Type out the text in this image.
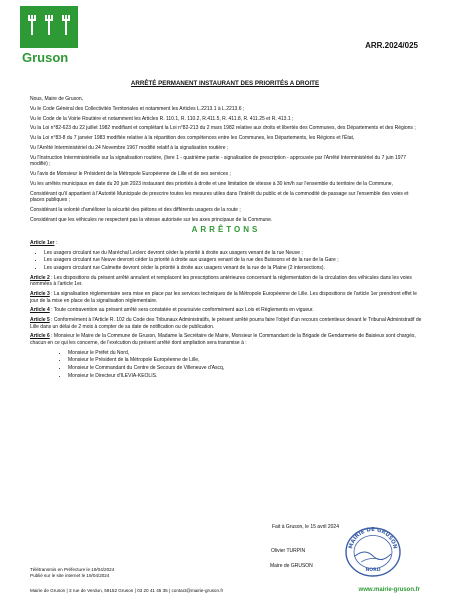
Gruson
ARR.2024/025
ARRÊTÉ PERMANENT INSTAURANT DES PRIORITÉS A DROITE

Nous, Maire de Gruson,

Vu le Code Général des Collectivités Territoriales et notamment les Articles L.2213.1 à L.2213.6 ;

Vu le Code de la Voirie Routière et notamment les Articles R. 110.1, R. 110.2, R.411.5, R. 411.8, R. 411.25 et R. 413.1 ;

Vu la Loi n°82-623 du 22 juillet 1982 modifiant et complétant la Loi n°82-213 du 2 mars 1982 relative aux droits et libertés des Communes, des Départements et des Régions ;

Vu la Loi n°83-8 du 7 janvier 1983 modifiée relative à la répartition des compétences entre les Communes, les Départements, les Régions et l'État,

Vu l'Arrêté Interministériel du 24 Novembre 1967 modifié relatif à la signalisation routière ;

Vu l'Instruction Interministérielle sur la signalisation routière, (livre 1 - quatrième partie - signalisation de prescription - approuvée par l'Arrêté Interministériel du 7 juin 1977 modifié) ;

Vu l'avis de Monsieur le Président de la Métropole Européenne de Lille et de ses services ;

Vu les arrêtés municipaux en date du 20 juin 2023 instaurant des priorités à droite et une limitation de vitesse à 30 km/h sur l'ensemble du territoire de la Commune,

Considérant qu'il appartient à l'Autorité Municipale de prescrire toutes les mesures utiles dans l'intérêt du public et de la commodité de passage sur l'ensemble des voies et places publiques ;

Considérant la volonté d'améliorer la sécurité des piétons et des différents usagers de la route ;

Considérant que les véhicules ne respectent pas la vitesse autorisée sur les axes principaux de la Commune.

ARRÊTONS

Article 1er :

• Les usagers circulant rue du Maréchal Leclerc devront céder la priorité à droite aux usagers venant de la rue Neuve ;
• Les usagers circulant rue Neuve devront céder la priorité à droite aux usagers venant de la rue des Buissons et de la rue de la Gare ;
• Les usagers circulant rue Calmette devront céder la priorité à droite aux usagers venant de la rue de la Plaine (2 intersections).

Article 2 : Les dispositions du présent arrêté annulent et remplacent les prescriptions antérieures concernant la réglementation de la circulation des véhicules dans les voies nommées à l'article 1er.

Article 3 : La signalisation réglementaire sera mise en place par les services techniques de la Métropole Européenne de Lille. Les dispositions de l'article 1er prendront effet le jour de la mise en place de la signalisation réglementaire.

Article 4 : Toute contravention au présent arrêté sera constatée et poursuivie conformément aux Lois et Règlements en vigueur.

Article 5 : Conformément à l'Article R. 102 du Code des Tribunaux Administratifs, le présent arrêté pourra faire l'objet d'un recours contentieux devant le Tribunal Administratif de Lille dans un délai de 2 mois à compter de sa date de notification ou de publication.

Article 6 : Monsieur le Maire de la Commune de Gruson, Madame la Secrétaire de Mairie, Monsieur le Commandant de la Brigade de Gendarmerie de Baisieux sont chargés, chacun en ce qui les concerne, de l'exécution du présent arrêté dont ampliation sera transmise à :

• Monsieur le Préfet du Nord,
• Monsieur le Président de la Métropole Européenne de Lille,
• Monsieur le Commandant du Centre de Secours de Villeneuve d'Ascq,
• Monsieur le Directeur d'ILEVIA-KEOLIS.
Fait à Gruson, le 15 avril 2024
Olivier TURPIN
Maire de GRUSON
MAIRIE DE GRUSON
NORD
Télétransmis en Préfecture le 19/04/2024
Publié sur le site internet le 19/04/2024
Mairie de Gruson | 3 rue de Verdun, 59152 Gruson | 03 20 41 45 35 | contact@mairie-gruson.fr	www.mairie-gruson.fr
